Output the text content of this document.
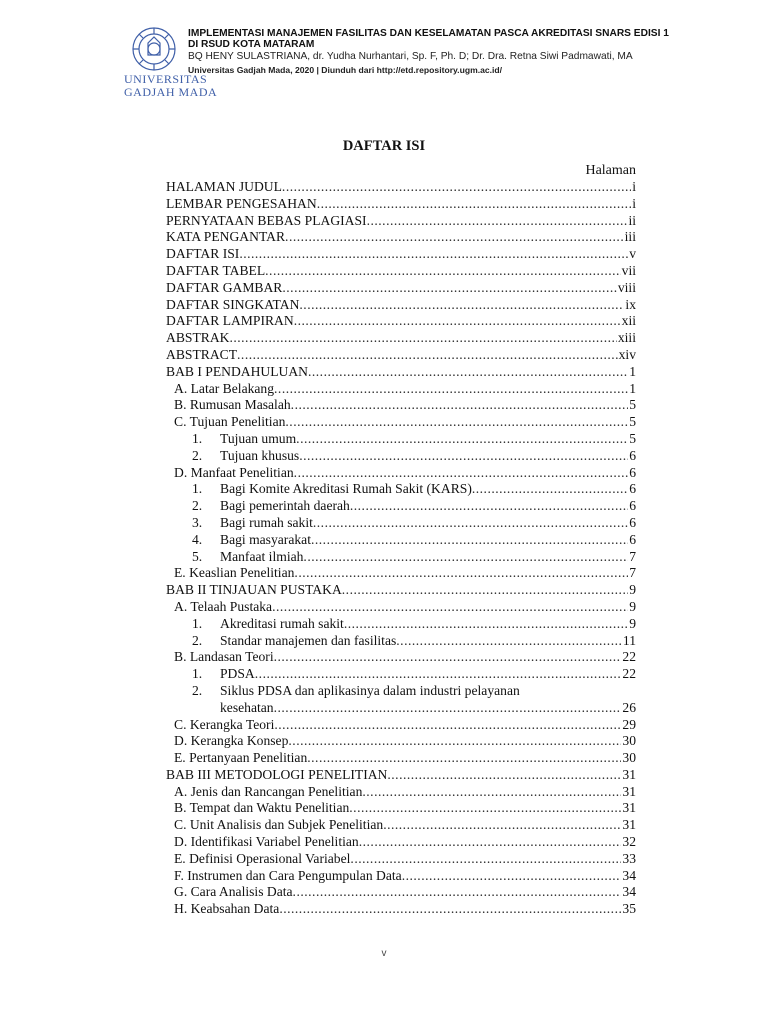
UNIVERSITAS
GADJAH MADA
IMPLEMENTASI MANAJEMEN FASILITAS DAN KESELAMATAN PASCA AKREDITASI SNARS EDISI 1
DI RSUD KOTA MATARAM
BQ HENY SULASTRIANA, dr. Yudha Nurhantari, Sp. F, Ph. D; Dr. Dra. Retna Siwi Padmawati, MA
Universitas Gadjah Mada, 2020 | Diunduh dari http://etd.repository.ugm.ac.id/
DAFTAR ISI
Halaman
HALAMAN JUDUL .....	i
LEMBAR PENGESAHAN .....	i
PERNYATAAN BEBAS PLAGIASI .....	ii
KATA PENGANTAR .....	iii
DAFTAR ISI .....	v
DAFTAR TABEL .....	vii
DAFTAR GAMBAR .....	viii
DAFTAR SINGKATAN .....	ix
DAFTAR LAMPIRAN .....	xii
ABSTRAK .....	xiii
ABSTRACT .....	xiv
BAB I PENDAHULUAN .....	1
A. Latar Belakang .....	1
B. Rumusan Masalah .....	5
C. Tujuan Penelitian .....	5
1. Tujuan umum .....	5
2. Tujuan khusus .....	6
D. Manfaat Penelitian .....	6
1. Bagi Komite Akreditasi Rumah Sakit (KARS) .....	6
2. Bagi pemerintah daerah .....	6
3. Bagi rumah sakit .....	6
4. Bagi masyarakat .....	6
5. Manfaat ilmiah .....	7
E. Keaslian Penelitian .....	7
BAB II TINJAUAN PUSTAKA .....	9
A. Telaah Pustaka .....	9
1. Akreditasi rumah sakit .....	9
2. Standar manajemen dan fasilitas .....	11
B. Landasan Teori .....	22
1. PDSA .....	22
2. Siklus PDSA dan aplikasinya dalam industri pelayanan
kesehatan .....	26
C. Kerangka Teori .....	29
D. Kerangka Konsep .....	30
E. Pertanyaan Penelitian .....	30
BAB III METODOLOGI PENELITIAN .....	31
A. Jenis dan Rancangan Penelitian .....	31
B. Tempat dan Waktu Penelitian .....	31
C. Unit Analisis dan Subjek Penelitian .....	31
D. Identifikasi Variabel Penelitian .....	32
E. Definisi Operasional Variabel .....	33
F. Instrumen dan Cara Pengumpulan Data .....	34
G. Cara Analisis Data .....	34
H. Keabsahan Data .....	35
v
